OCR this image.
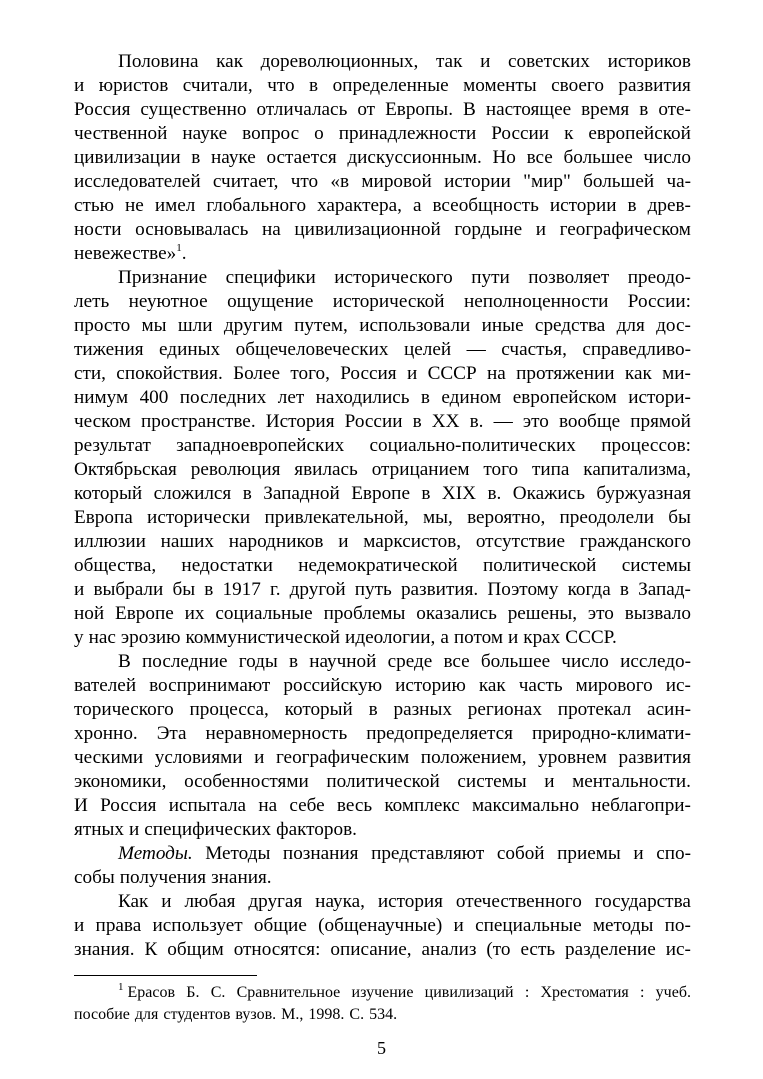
Половина как дореволюционных, так и советских историков
и юристов считали, что в определенные моменты своего развития
Россия существенно отличалась от Европы. В настоящее время в оте-
чественной науке вопрос о принадлежности России к европейской
цивилизации в науке остается дискуссионным. Но все большее число
исследователей считает, что «в мировой истории "мир" большей ча-
стью не имел глобального характера, а всеобщность истории в древ-
ности основывалась на цивилизационной гордыне и географическом
невежестве»$^1$.
Признание специфики исторического пути позволяет преодо-
леть неуютное ощущение исторической неполноценности России:
просто мы шли другим путем, использовали иные средства для дос-
тижения единых общечеловеческих целей — счастья, справедливо-
сти, спокойствия. Более того, Россия и СССР на протяжении как ми-
нимум 400 последних лет находились в едином европейском истори-
ческом пространстве. История России в XX в. — это вообще прямой
результат западноевропейских социально-политических процессов:
Октябрьская революция явилась отрицанием того типа капитализма,
который сложился в Западной Европе в XIX в. Окажись буржуазная
Европа исторически привлекательной, мы, вероятно, преодолели бы
иллюзии наших народников и марксистов, отсутствие гражданского
общества, недостатки недемократической политической системы
и выбрали бы в 1917 г. другой путь развития. Поэтому когда в Запад-
ной Европе их социальные проблемы оказались решены, это вызвало
у нас эрозию коммунистической идеологии, а потом и крах СССР.
В последние годы в научной среде все большее число исследо-
вателей воспринимают российскую историю как часть мирового ис-
торического процесса, который в разных регионах протекал асин-
хронно. Эта неравномерность предопределяется природно-климати-
ческими условиями и географическим положением, уровнем развития
экономики, особенностями политической системы и ментальности.
И Россия испытала на себе весь комплекс максимально неблагопри-
ятных и специфических факторов.
Методы. Методы познания представляют собой приемы и спо-
собы получения знания.
Как и любая другая наука, история отечественного государства
и права использует общие (общенаучные) и специальные методы по-
знания. К общим относятся: описание, анализ (то есть разделение ис-
$^1$ Ерасов Б. С. Сравнительное изучение цивилизаций : Хрестоматия : учеб.
пособие для студентов вузов. М., 1998. С. 534.
5
